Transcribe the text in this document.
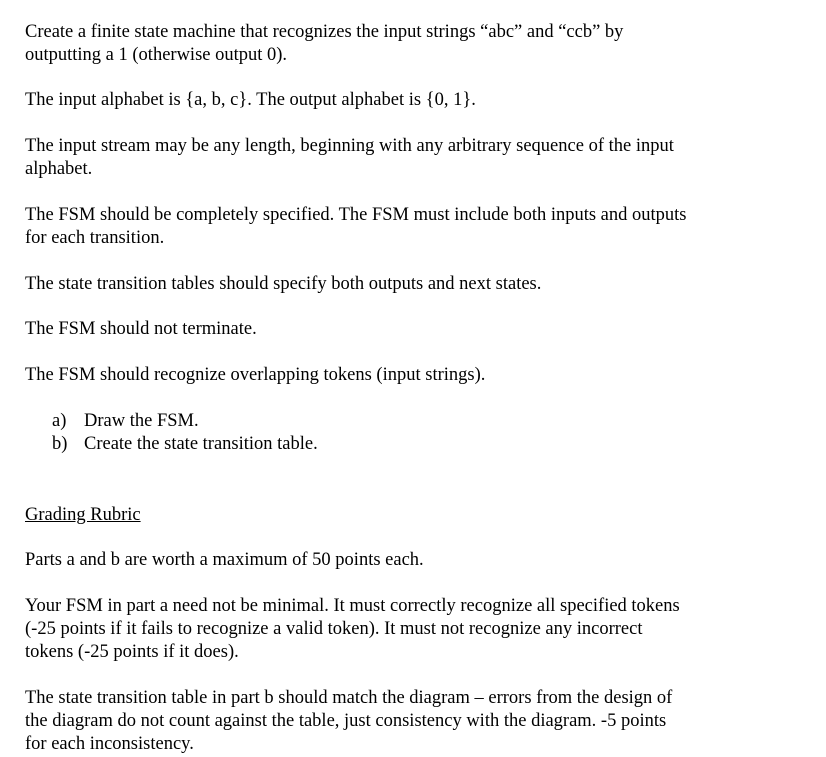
Create a finite state machine that recognizes the input strings “abc” and “ccb” by
outputting a 1 (otherwise output 0).

The input alphabet is {a, b, c}. The output alphabet is {0, 1}.

The input stream may be any length, beginning with any arbitrary sequence of the input
alphabet.

The FSM should be completely specified. The FSM must include both inputs and outputs
for each transition.

The state transition tables should specify both outputs and next states.

The FSM should not terminate.

The FSM should recognize overlapping tokens (input strings).

a) Draw the FSM.
b) Create the state transition table.

Grading Rubric

Parts a and b are worth a maximum of 50 points each.

Your FSM in part a need not be minimal. It must correctly recognize all specified tokens
(-25 points if it fails to recognize a valid token). It must not recognize any incorrect
tokens (-25 points if it does).

The state transition table in part b should match the diagram – errors from the design of
the diagram do not count against the table, just consistency with the diagram. -5 points
for each inconsistency.
